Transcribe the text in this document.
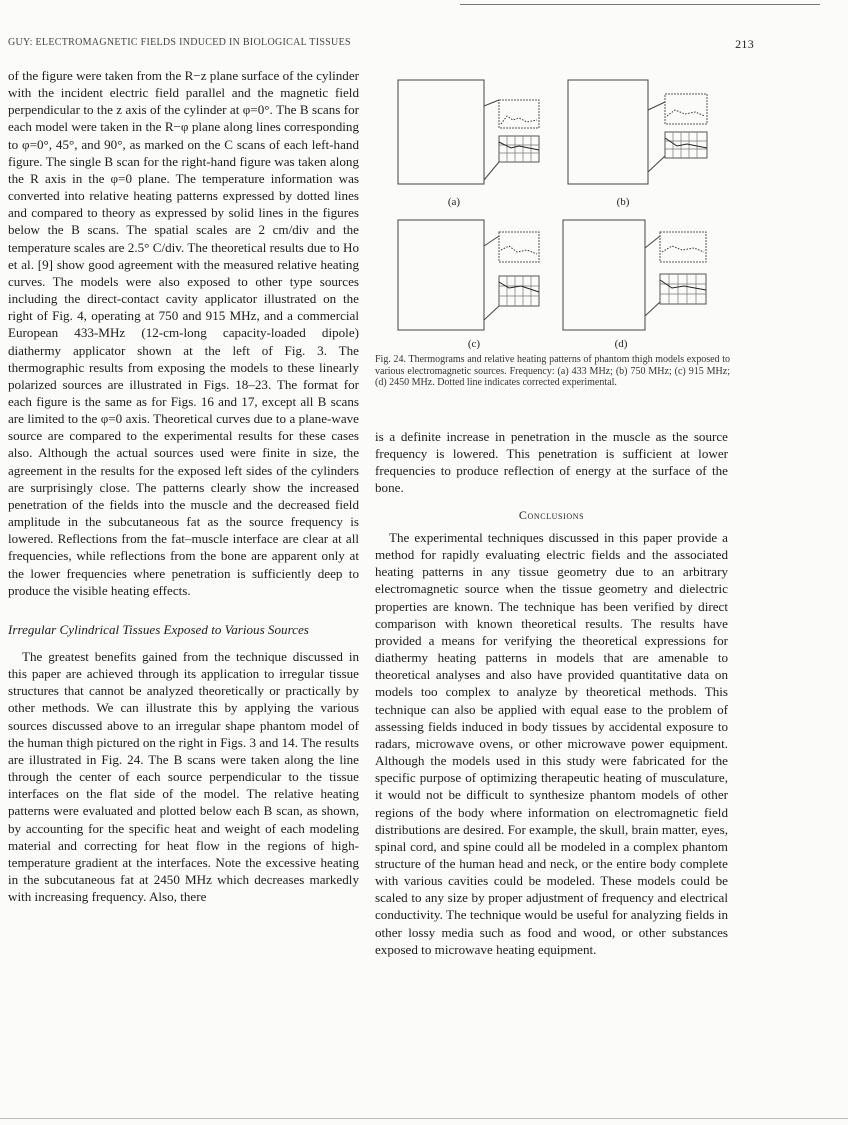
GUY: ELECTROMAGNETIC FIELDS INDUCED IN BIOLOGICAL TISSUES	213

of the figure were taken from the R−z plane surface of the cylinder with the incident electric field parallel and the magnetic field perpendicular to the z axis of the cylinder at φ=0°. The B scans for each model were taken in the R−φ plane along lines corresponding to φ=0°, 45°, and 90°, as marked on the C scans of each left-hand figure. The single B scan for the right-hand figure was taken along the R axis in the φ=0 plane. The temperature information was converted into relative heating patterns expressed by dotted lines and compared to theory as expressed by solid lines in the figures below the B scans. The spatial scales are 2 cm/div and the temperature scales are 2.5° C/div. The theoretical results due to Ho et al. [9] show good agreement with the measured relative heating curves. The models were also exposed to other type sources including the direct-contact cavity applicator illustrated on the right of Fig. 4, operating at 750 and 915 MHz, and a commercial European 433-MHz (12-cm-long capacity-loaded dipole) diathermy applicator shown at the left of Fig. 3. The thermographic results from exposing the models to these linearly polarized sources are illustrated in Figs. 18–23. The format for each figure is the same as for Figs. 16 and 17, except all B scans are limited to the φ=0 axis. Theoretical curves due to a plane-wave source are compared to the experimental results for these cases also. Although the actual sources used were finite in size, the agreement in the results for the exposed left sides of the cylinders are surprisingly close. The patterns clearly show the increased penetration of the fields into the muscle and the decreased field amplitude in the subcutaneous fat as the source frequency is lowered. Reflections from the fat–muscle interface are clear at all frequencies, while reflections from the bone are apparent only at the lower frequencies where penetration is sufficiently deep to produce the visible heating effects.

Irregular Cylindrical Tissues Exposed to Various Sources

The greatest benefits gained from the technique discussed in this paper are achieved through its application to irregular tissue structures that cannot be analyzed theoretically or practically by other methods. We can illustrate this by applying the various sources discussed above to an irregular shape phantom model of the human thigh pictured on the right in Figs. 3 and 14. The results are illustrated in Fig. 24. The B scans were taken along the line through the center of each source perpendicular to the tissue interfaces on the flat side of the model. The relative heating patterns were evaluated and plotted below each B scan, as shown, by accounting for the specific heat and weight of each modeling material and correcting for heat flow in the regions of high-temperature gradient at the interfaces. Note the excessive heating in the subcutaneous fat at 2450 MHz which decreases markedly with increasing frequency. Also, there

(a)	(b)
(c)	(d)
Fig. 24. Thermograms and relative heating patterns of phantom thigh models exposed to various electromagnetic sources. Frequency: (a) 433 MHz; (b) 750 MHz; (c) 915 MHz; (d) 2450 MHz. Dotted line indicates corrected experimental.

is a definite increase in penetration in the muscle as the source frequency is lowered. This penetration is sufficient at lower frequencies to produce reflection of energy at the surface of the bone.

Conclusions

The experimental techniques discussed in this paper provide a method for rapidly evaluating electric fields and the associated heating patterns in any tissue geometry due to an arbitrary electromagnetic source when the tissue geometry and dielectric properties are known. The technique has been verified by direct comparison with known theoretical results. The results have provided a means for verifying the theoretical expressions for diathermy heating patterns in models that are amenable to theoretical analyses and also have provided quantitative data on models too complex to analyze by theoretical methods. This technique can also be applied with equal ease to the problem of assessing fields induced in body tissues by accidental exposure to radars, microwave ovens, or other microwave power equipment. Although the models used in this study were fabricated for the specific purpose of optimizing therapeutic heating of musculature, it would not be difficult to synthesize phantom models of other regions of the body where information on electromagnetic field distributions are desired. For example, the skull, brain matter, eyes, spinal cord, and spine could all be modeled in a complex phantom structure of the human head and neck, or the entire body complete with various cavities could be modeled. These models could be scaled to any size by proper adjustment of frequency and electrical conductivity. The technique would be useful for analyzing fields in other lossy media such as food and wood, or other substances exposed to microwave heating equipment.
